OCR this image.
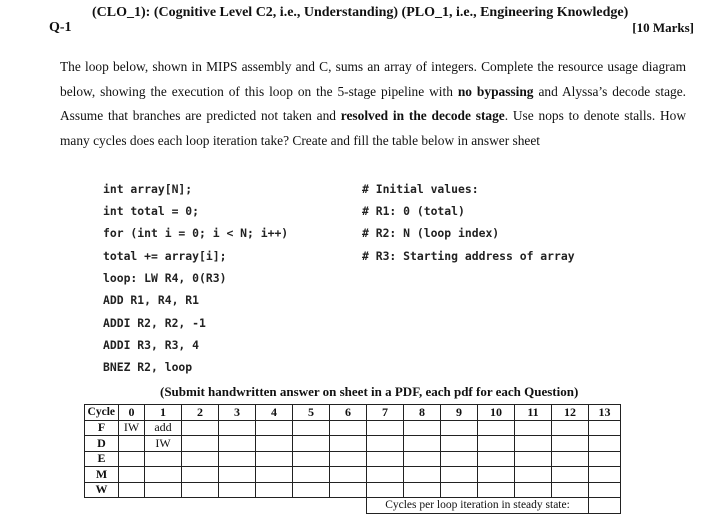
(CLO_1): (Cognitive Level C2, i.e., Understanding) (PLO_1, i.e., Engineering Knowledge)
Q-1	[10 Marks]
The loop below, shown in MIPS assembly and C, sums an array of integers. Complete the resource usage diagram below, showing the execution of this loop on the 5-stage pipeline with no bypassing and Alyssa’s decode stage. Assume that branches are predicted not taken and resolved in the decode stage. Use nops to denote stalls. How many cycles does each loop iteration take? Create and fill the table below in answer sheet
int array[N];
int total = 0;
for (int i = 0; i < N; i++)
total += array[i];
# Initial values:
# R1: 0 (total)
# R2: N (loop index)
# R3: Starting address of array
loop: LW R4, 0(R3)
ADD R1, R4, R1
ADDI R2, R2, -1
ADDI R3, R3, 4
BNEZ R2, loop
(Submit handwritten answer on sheet in a PDF, each pdf for each Question)
Cycle	0	1	2	3	4	5	6	7	8	9	10	11	12	13
F	IW	add												
D		IW												
E														
M														
W														
								Cycles per loop iteration in steady state:						
